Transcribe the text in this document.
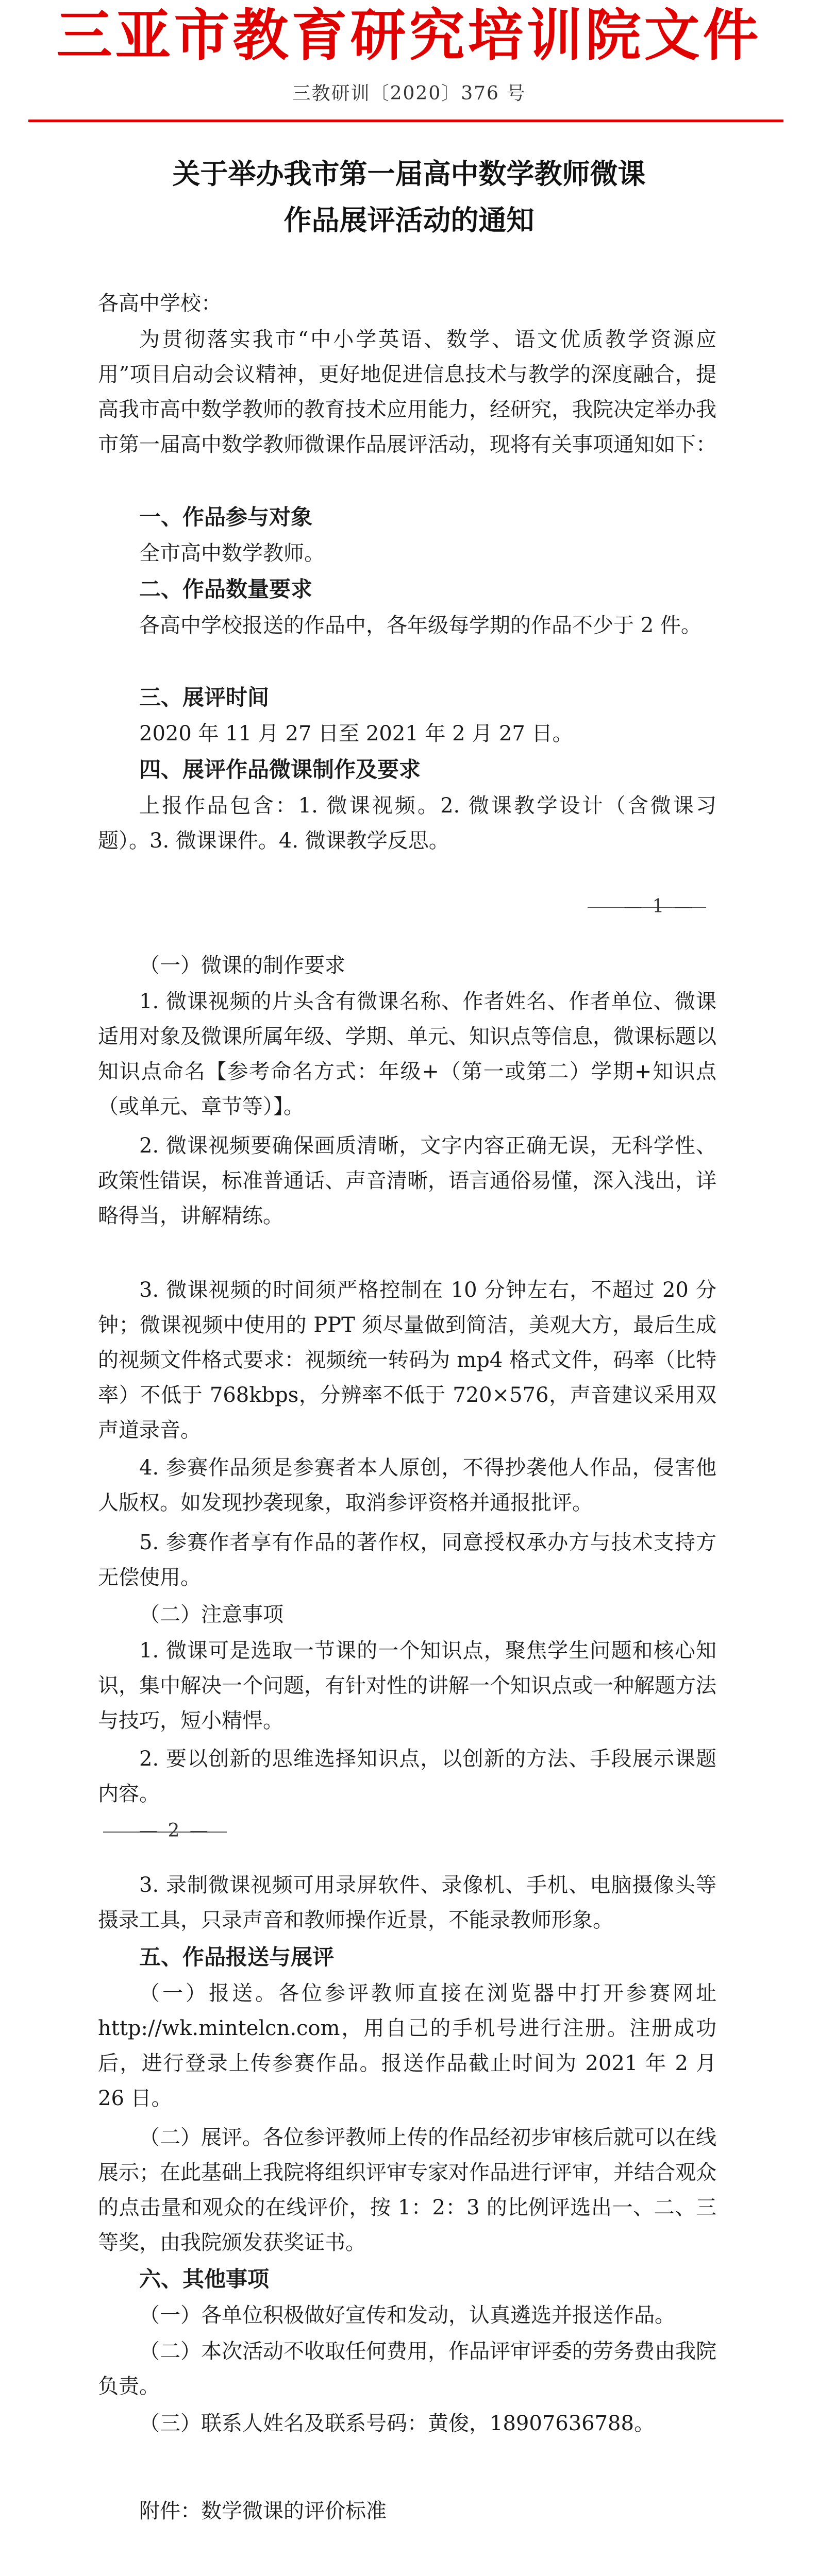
三亚市教育研究培训院文件
三教研训〔2020〕376 号
关于举办我市第一届高中数学教师微课
作品展评活动的通知
各高中学校：
为贯彻落实我市“中小学英语、数学、语文优质教学资源应用”项目启动会议精神，更好地促进信息技术与教学的深度融合，提高我市高中数学教师的教育技术应用能力，经研究，我院决定举办我市第一届高中数学教师微课作品展评活动，现将有关事项通知如下：
一、作品参与对象
全市高中数学教师。
二、作品数量要求
各高中学校报送的作品中，各年级每学期的作品不少于 2 件。
三、展评时间
2020 年 11 月 27 日至 2021 年 2 月 27 日。
四、展评作品微课制作及要求
上报作品包含：1. 微课视频。2. 微课教学设计（含微课习题）。3. 微课课件。4. 微课教学反思。
— 1 —
（一）微课的制作要求
1. 微课视频的片头含有微课名称、作者姓名、作者单位、微课适用对象及微课所属年级、学期、单元、知识点等信息，微课标题以知识点命名【参考命名方式：年级+（第一或第二）学期+知识点（或单元、章节等）】。
2. 微课视频要确保画质清晰，文字内容正确无误，无科学性、政策性错误，标准普通话、声音清晰，语言通俗易懂，深入浅出，详略得当，讲解精练。
3. 微课视频的时间须严格控制在 10 分钟左右，不超过 20 分钟；微课视频中使用的 PPT 须尽量做到简洁，美观大方，最后生成的视频文件格式要求：视频统一转码为 mp4 格式文件，码率（比特率）不低于 768kbps，分辨率不低于 720×576，声音建议采用双声道录音。
4. 参赛作品须是参赛者本人原创，不得抄袭他人作品，侵害他人版权。如发现抄袭现象，取消参评资格并通报批评。
5. 参赛作者享有作品的著作权，同意授权承办方与技术支持方无偿使用。
（二）注意事项
1. 微课可是选取一节课的一个知识点，聚焦学生问题和核心知识，集中解决一个问题，有针对性的讲解一个知识点或一种解题方法与技巧，短小精悍。
2. 要以创新的思维选择知识点，以创新的方法、手段展示课题内容。
— 2 —
3. 录制微课视频可用录屏软件、录像机、手机、电脑摄像头等摄录工具，只录声音和教师操作近景，不能录教师形象。
五、作品报送与展评
（一）报送。各位参评教师直接在浏览器中打开参赛网址 http://wk.mintelcn.com，用自己的手机号进行注册。注册成功后，进行登录上传参赛作品。报送作品截止时间为 2021 年 2 月 26 日。
（二）展评。各位参评教师上传的作品经初步审核后就可以在线展示；在此基础上我院将组织评审专家对作品进行评审，并结合观众的点击量和观众的在线评价，按 1：2：3 的比例评选出一、二、三等奖，由我院颁发获奖证书。
六、其他事项
（一）各单位积极做好宣传和发动，认真遴选并报送作品。
（二）本次活动不收取任何费用，作品评审评委的劳务费由我院负责。
（三）联系人姓名及联系号码：黄俊，18907636788。
附件：数学微课的评价标准
